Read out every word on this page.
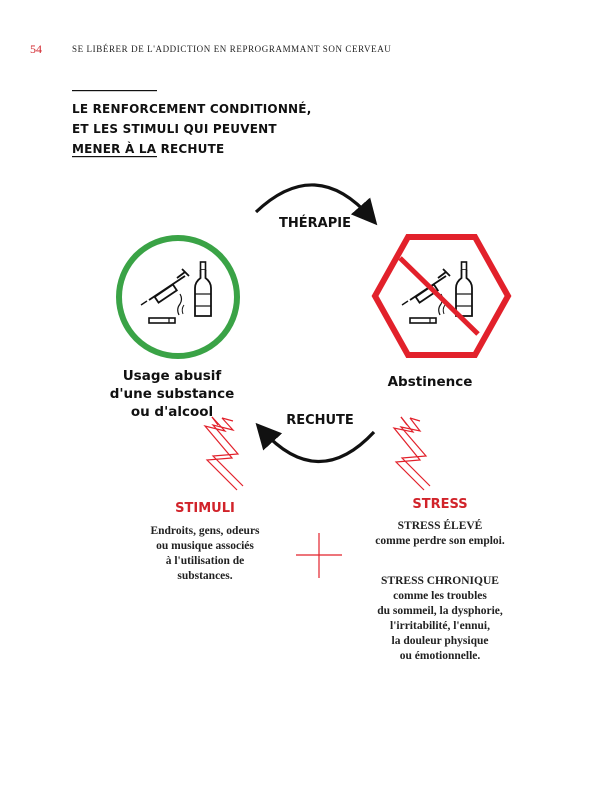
54	SE LIBÉRER DE L'ADDICTION EN REPROGRAMMANT SON CERVEAU
LE RENFORCEMENT CONDITIONNÉ,
ET LES STIMULI QUI PEUVENT
MENER À LA RECHUTE
THÉRAPIE
RECHUTE
Usage abusif
d'une substance
ou d'alcool
Abstinence
STIMULI
Endroits, gens, odeurs
ou musique associés
à l'utilisation de
substances.
STRESS
STRESS ÉLEVÉ
comme perdre son emploi.
STRESS CHRONIQUE
comme les troubles
du sommeil, la dysphorie,
l'irritabilité, l'ennui,
la douleur physique
ou émotionnelle.
